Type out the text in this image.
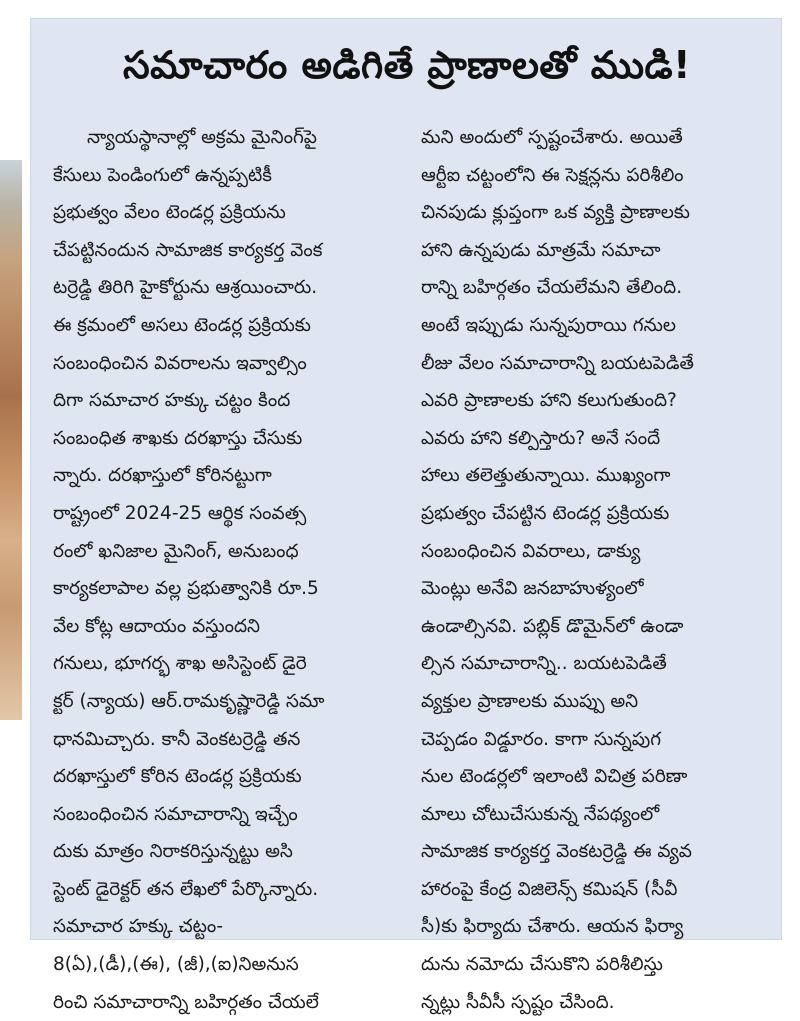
సమాచారం అడిగితే ప్రాణాలతో ముడి!
న్యాయస్థానాల్లో అక్రమ మైనింగ్‌పై
కేసులు పెండింగులో ఉన్నప్పటికీ
ప్రభుత్వం వేలం టెండర్ల ప్రక్రియను
చేపట్టినందున సామాజిక కార్యకర్త వెంక
టర్రెడ్డి తిరిగి హైకోర్టును ఆశ్రయించారు.
ఈ క్రమంలో అసలు టెండర్ల ప్రక్రియకు
సంబంధించిన వివరాలను ఇవ్వాల్సిం
దిగా సమాచార హక్కు చట్టం కింద
సంబంధిత శాఖకు దరఖాస్తు చేసుకు
న్నారు. దరఖాస్తులో కోరినట్టుగా
రాష్ట్రంలో 2024-25 ఆర్థిక సంవత్స
రంలో ఖనిజాల మైనింగ్, అనుబంధ
కార్యకలాపాల వల్ల ప్రభుత్వానికి రూ.5
వేల కోట్ల ఆదాయం వస్తుందని
గనులు, భూగర్భ శాఖ అసిస్టెంట్ డైరె
క్టర్ (న్యాయ) ఆర్.రామకృష్ణారెడ్డి సమా
ధానమిచ్చారు. కానీ వెంకటర్రెడ్డి తన
దరఖాస్తులో కోరిన టెండర్ల ప్రక్రియకు
సంబంధించిన సమాచారాన్ని ఇచ్చేం
దుకు మాత్రం నిరాకరిస్తున్నట్టు అసి
స్టెంట్ డైరెక్టర్ తన లేఖలో పేర్కొన్నారు.
సమాచార హక్కు చట్టం-
8(ఏ),(డీ),(ఈ), (జీ),(ఐ)నిఅనుస
రించి సమాచారాన్ని బహిర్గతం చేయలే
మని అందులో స్పష్టంచేశారు. అయితే
ఆర్టీఐ చట్టంలోని ఈ సెక్షన్లను పరిశీలిం
చినపుడు క్లుప్తంగా ఒక వ్యక్తి ప్రాణాలకు
హాని ఉన్నపుడు మాత్రమే సమాచా
రాన్ని బహిర్గతం చేయలేమని తేలింది.
అంటే ఇప్పుడు సున్నపురాయి గనుల
లీజు వేలం సమాచారాన్ని బయటపెడితే
ఎవరి ప్రాణాలకు హాని కలుగుతుంది?
ఎవరు హాని కల్పిస్తారు? అనే సందే
హాలు తలెత్తుతున్నాయి. ముఖ్యంగా
ప్రభుత్వం చేపట్టిన టెండర్ల ప్రక్రియకు
సంబంధించిన వివరాలు, డాక్యు
మెంట్లు అనేవి జనబాహుళ్యంలో
ఉండాల్సినవి. పబ్లిక్ డొమైన్‌లో ఉండా
ల్సిన సమాచారాన్ని.. బయటపెడితే
వ్యక్తుల ప్రాణాలకు ముప్పు అని
చెప్పడం విడ్డూరం. కాగా సున్నపుగ
నుల టెండర్లలో ఇలాంటి విచిత్ర పరిణా
మాలు చోటుచేసుకున్న నేపథ్యంలో
సామాజిక కార్యకర్త వెంకటర్రెడ్డి ఈ వ్యవ
హారంపై కేంద్ర విజిలెన్స్ కమిషన్ (సీవీ
సీ)కు ఫిర్యాదు చేశారు. ఆయన ఫిర్యా
దును నమోదు చేసుకొని పరిశీలిస్తు
న్నట్లు సీవీసీ స్పష్టం చేసింది.
